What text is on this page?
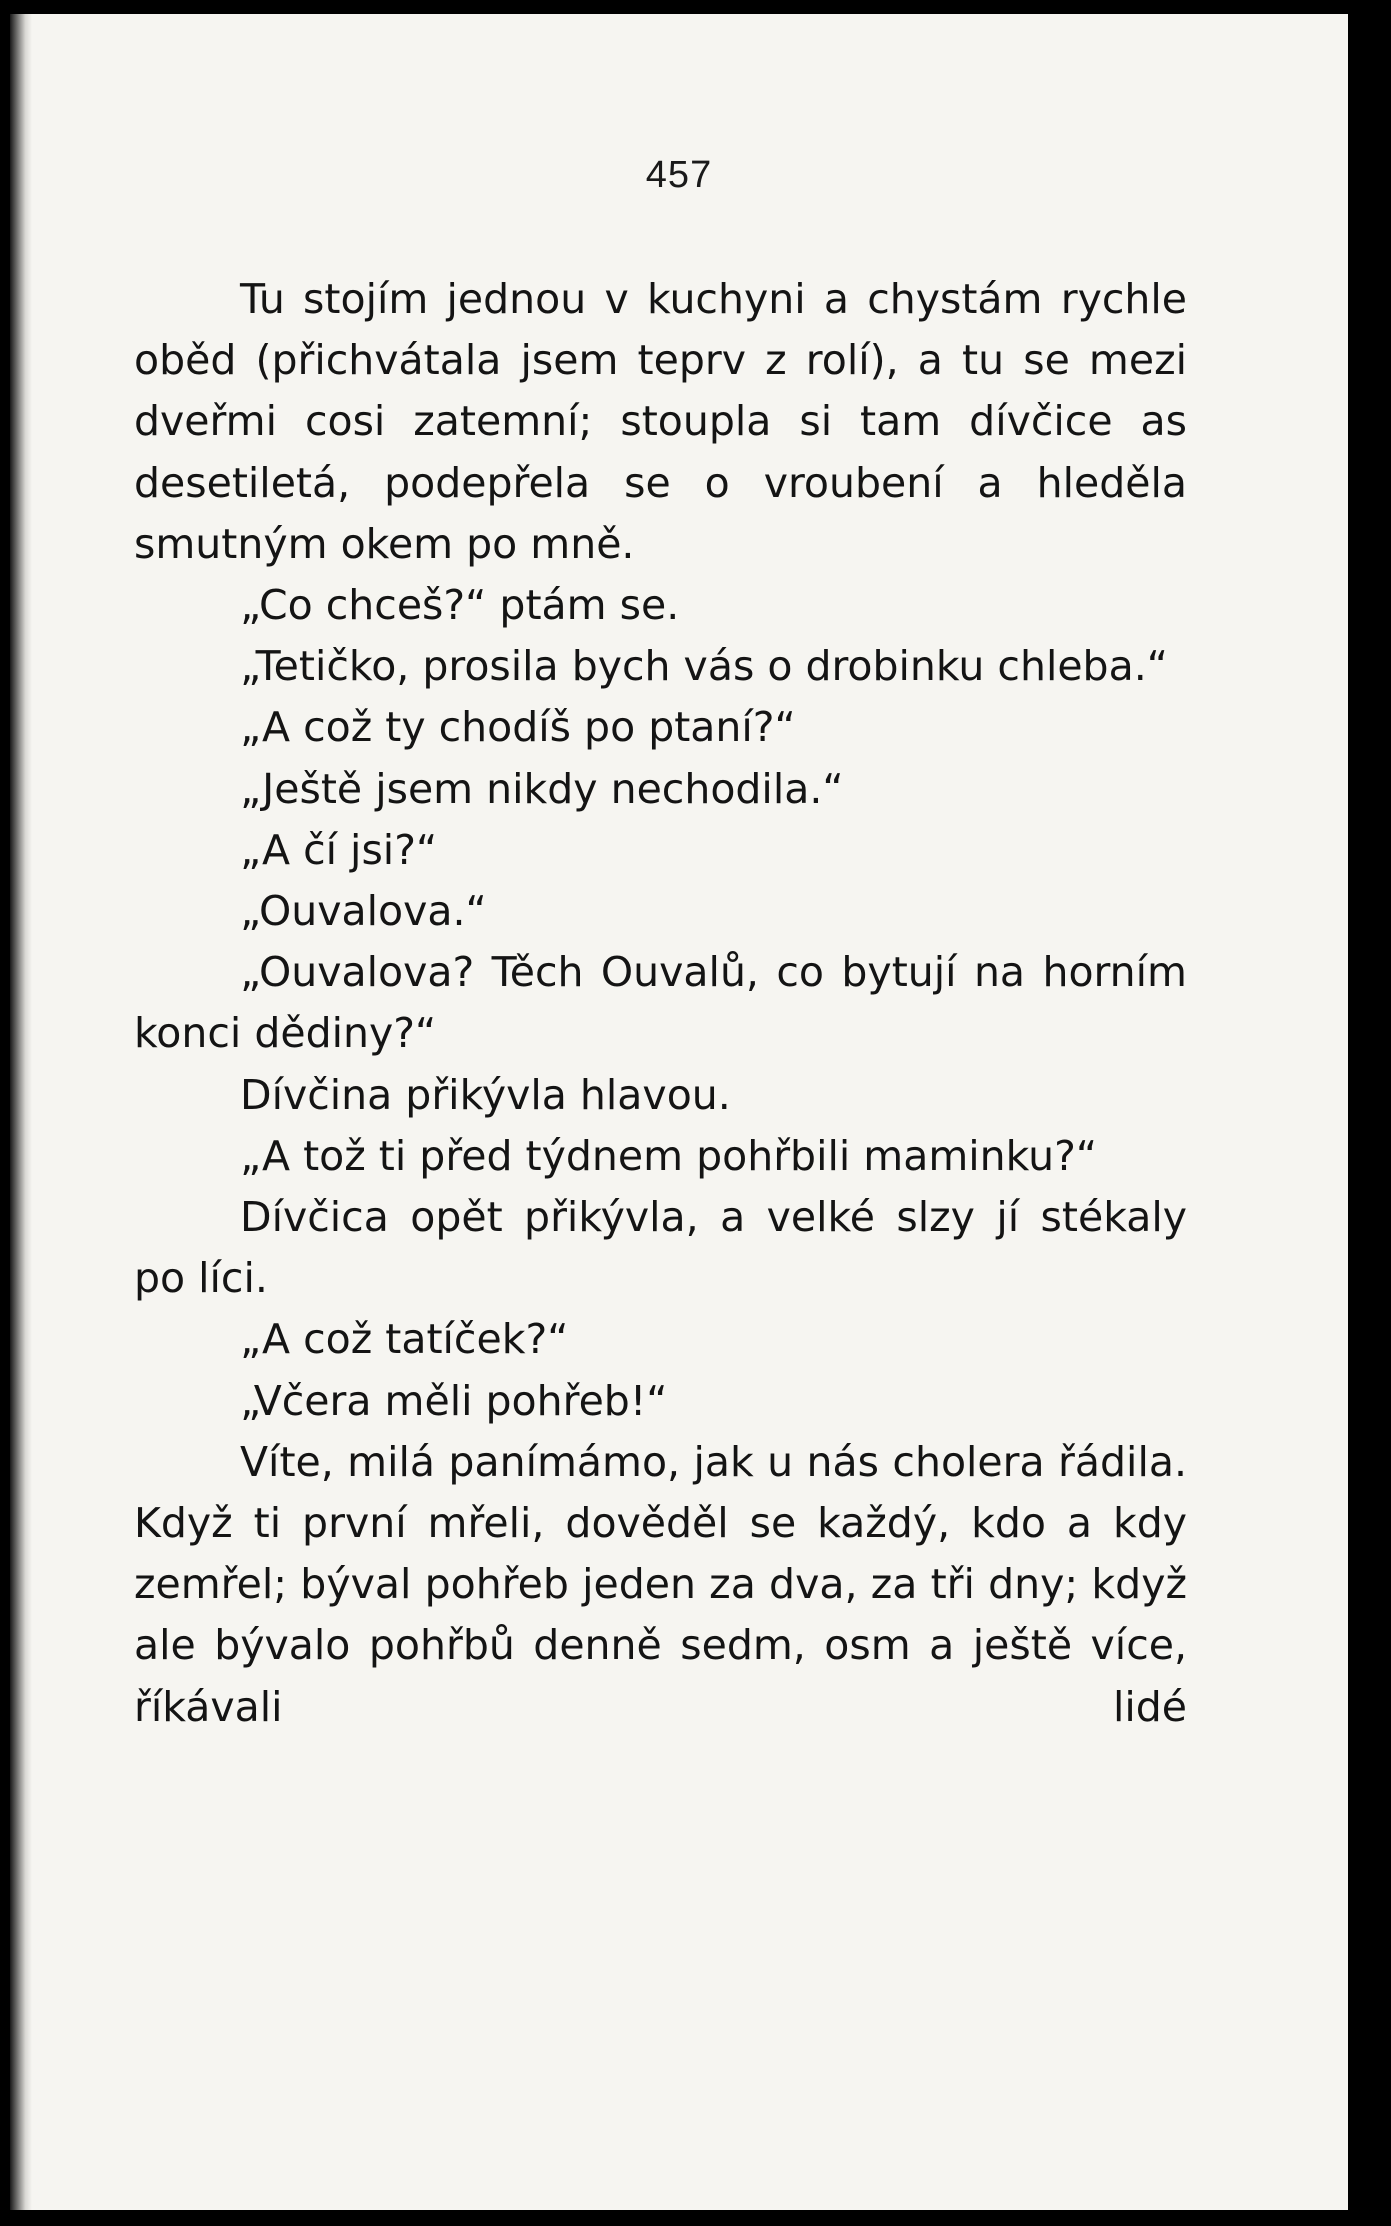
457

Tu stojím jednou v kuchyni a chystám rychle oběd (přichvátala jsem teprv z rolí), a tu se mezi dveřmi cosi zatemní; stoupla si tam dívčice as desetiletá, podepřela se o vroubení a hleděla smutným okem po mně.

„Co chceš?“ ptám se.

„Tetičko, prosila bych vás o drobinku chleba.“

„A což ty chodíš po ptaní?“

„Ještě jsem nikdy nechodila.“

„A čí jsi?“

„Ouvalova.“

„Ouvalova? Těch Ouvalů, co bytují na horním konci dědiny?“

Dívčina přikývla hlavou.

„A tož ti před týdnem pohřbili maminku?“

Dívčica opět přikývla, a velké slzy jí stékaly po líci.

„A což tatíček?“

„Včera měli pohřeb!“

Víte, milá panímámo, jak u nás cholera řádila. Když ti první mřeli, dověděl se každý, kdo a kdy zemřel; býval pohřeb jeden za dva, za tři dny; když ale bývalo pohřbů denně sedm, osm a ještě více, říkávali lidé
